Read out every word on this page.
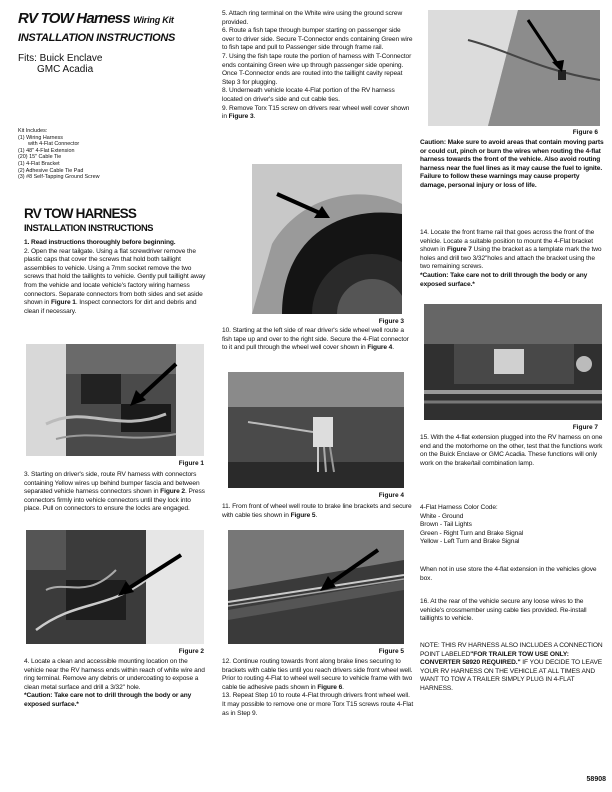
RV TOW Harness Wiring Kit
INSTALLATION INSTRUCTIONS
Fits: Buick Enclave
GMC Acadia
Kit Includes:
(1) Wiring Harness
with 4-Flat Connector
(1) 48" 4-Flat Extension
(20) 15" Cable Tie
(1) 4-Flat Bracket
(2) Adhesive Cable Tie Pad
(3) #8 Self-Tapping Ground Screw
RV TOW HARNESS
INSTALLATION INSTRUCTIONS

1. Read instructions thoroughly before beginning.

2. Open the rear tailgate. Using a flat screwdriver remove the plastic caps that cover the screws that hold both taillight assemblies to vehicle. Using a 7mm socket remove the two screws that hold the taillights to vehicle. Gently pull taillight away from the vehicle and locate vehicle's factory wiring harness connectors. Separate connectors from both sides and set aside shown in Figure 1. Inspect connectors for dirt and debris and clean if necessary.

Figure 1

3. Starting on driver's side, route RV harness with connectors containing Yellow wires up behind bumper fascia and between separated vehicle harness connectors shown in Figure 2. Press connectors firmly into vehicle connectors until they lock into place. Pull on connectors to ensure the locks are engaged.

Figure 2

4. Locate a clean and accessible mounting location on the vehicle near the RV harness ends within reach of white wire and ring terminal. Remove any debris or undercoating to expose a clean metal surface and drill a 3/32" hole.

*Caution: Take care not to drill through the body or any exposed surface.*

5. Attach ring terminal on the White wire using the ground screw provided.

6. Route a fish tape through bumper starting on passenger side over to driver side. Secure T-Connector ends containing Green wire to fish tape and pull to Passenger side through frame rail.

7. Using the fish tape route the portion of harness with T-Connector ends containing Green wire up through passenger side opening. Once T-Connector ends are routed into the taillight cavity repeat Step 3 for plugging.

8. Underneath vehicle locate 4-Flat portion of the RV harness located on driver's side and cut cable ties.

9. Remove Torx T15 screw on drivers rear wheel well cover shown in Figure 3.

Figure 3

10. Starting at the left side of rear driver's side wheel well route a fish tape up and over to the right side. Secure the 4-Flat connector to it and pull through the wheel well cover shown in Figure 4.

Figure 4

11. From front of wheel well route to brake line brackets and secure with cable ties shown in Figure 5.

Figure 5

12. Continue routing towards front along brake lines securing to brackets with cable ties until you reach drivers side front wheel well. Prior to routing 4-Flat to wheel well secure to vehicle frame with two cable tie adhesive pads shown in Figure 6.

13. Repeat Step 10 to route 4-Flat through drivers front wheel well. It may possible to remove one or more Torx T15 screws route 4-Flat as in Step 9.

Figure 6

Caution: Make sure to avoid areas that contain moving parts or could cut, pinch or burn the wires when routing the 4-flat harness towards the front of the vehicle. Also avoid routing harness near the fuel lines as it may cause the fuel to ignite.

Failure to follow these warnings may cause property damage, personal injury or loss of life.

14. Locate the front frame rail that goes across the front of the vehicle. Locate a suitable position to mount the 4-Flat bracket shown in Figure 7 Using the bracket as a template mark the two holes and drill two 3/32"holes and attach the bracket using the two remaining screws.

*Caution: Take care not to drill through the body or any exposed surface.*

Figure 7

15. With the 4-flat extension plugged into the RV harness on one end and the motorhome on the other, test that the functions work on the Buick Enclave or GMC Acadia. These functions will only work on the brake/tail combination lamp.

4-Flat Harness Color Code:

White - Ground

Brown - Tail Lights

Green - Right Turn and Brake Signal

Yellow - Left Turn and Brake Signal

When not in use store the 4-flat extension in the vehicles glove box.

16. At the rear of the vehicle secure any loose wires to the vehicle's crossmember using cable ties provided. Re-install taillights to vehicle.

NOTE: THIS RV HARNESS ALSO INCLUDES A CONNECTION POINT LABELED"FOR TRAILER TOW USE ONLY: CONVERTER 58920 REQUIRED." IF YOU DECIDE TO LEAVE YOUR RV HARNESS ON THE VEHICLE AT ALL TIMES AND WANT TO TOW A TRAILER SIMPLY PLUG IN 4-FLAT HARNESS.

58908
